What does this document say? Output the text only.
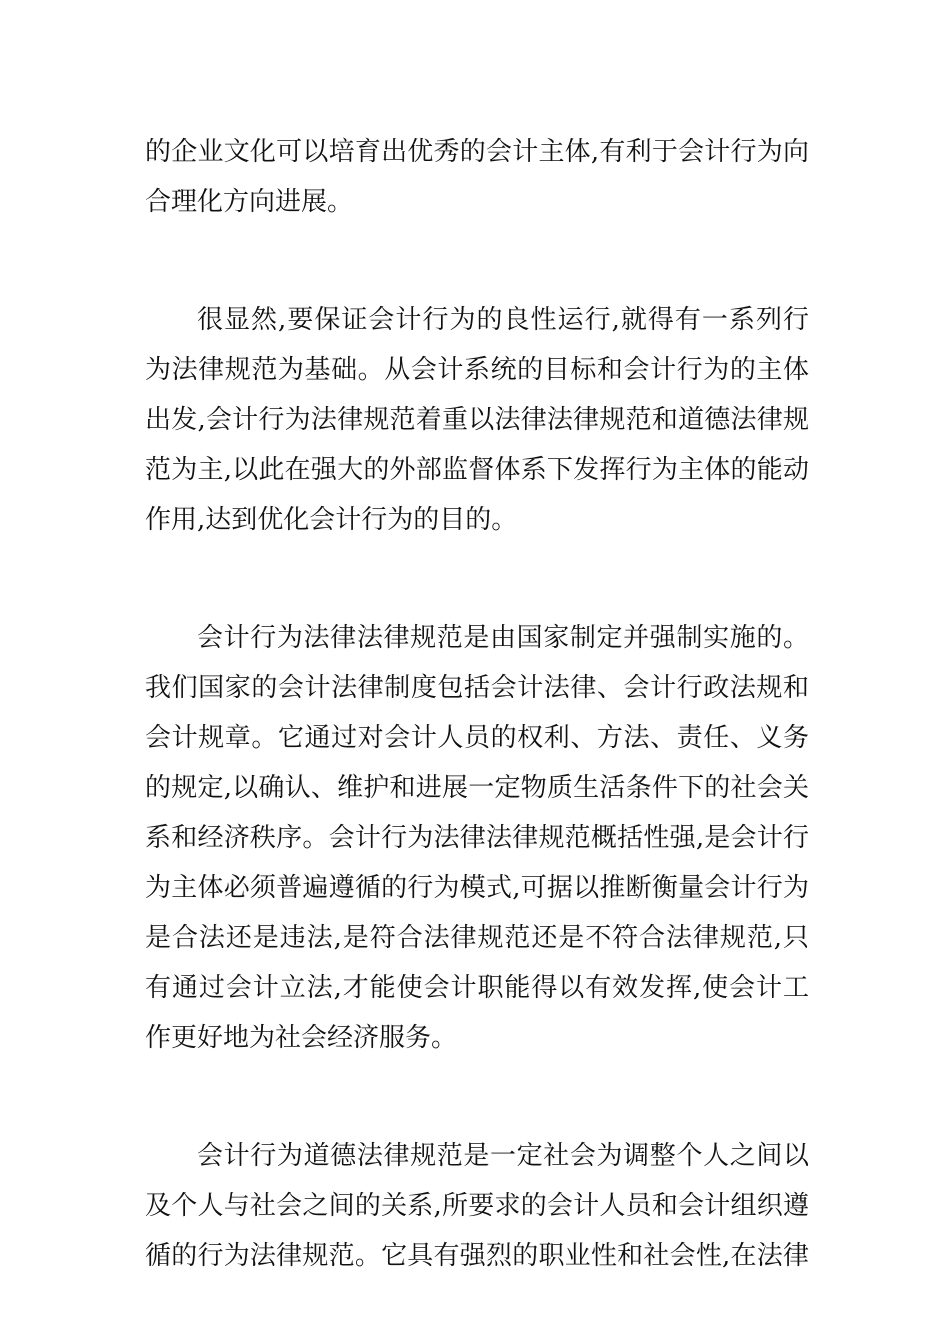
的企业文化可以培育出优秀的会计主体,有利于会计行为向
合理化方向进展。
很显然,要保证会计行为的良性运行,就得有一系列行
为法律规范为基础。从会计系统的目标和会计行为的主体
出发,会计行为法律规范着重以法律法律规范和道德法律规
范为主,以此在强大的外部监督体系下发挥行为主体的能动
作用,达到优化会计行为的目的。
会计行为法律法律规范是由国家制定并强制实施的。
我们国家的会计法律制度包括会计法律、会计行政法规和
会计规章。它通过对会计人员的权利、方法、责任、义务
的规定,以确认、维护和进展一定物质生活条件下的社会关
系和经济秩序。会计行为法律法律规范概括性强,是会计行
为主体必须普遍遵循的行为模式,可据以推断衡量会计行为
是合法还是违法,是符合法律规范还是不符合法律规范,只
有通过会计立法,才能使会计职能得以有效发挥,使会计工
作更好地为社会经济服务。
会计行为道德法律规范是一定社会为调整个人之间以
及个人与社会之间的关系,所要求的会计人员和会计组织遵
循的行为法律规范。它具有强烈的职业性和社会性,在法律
